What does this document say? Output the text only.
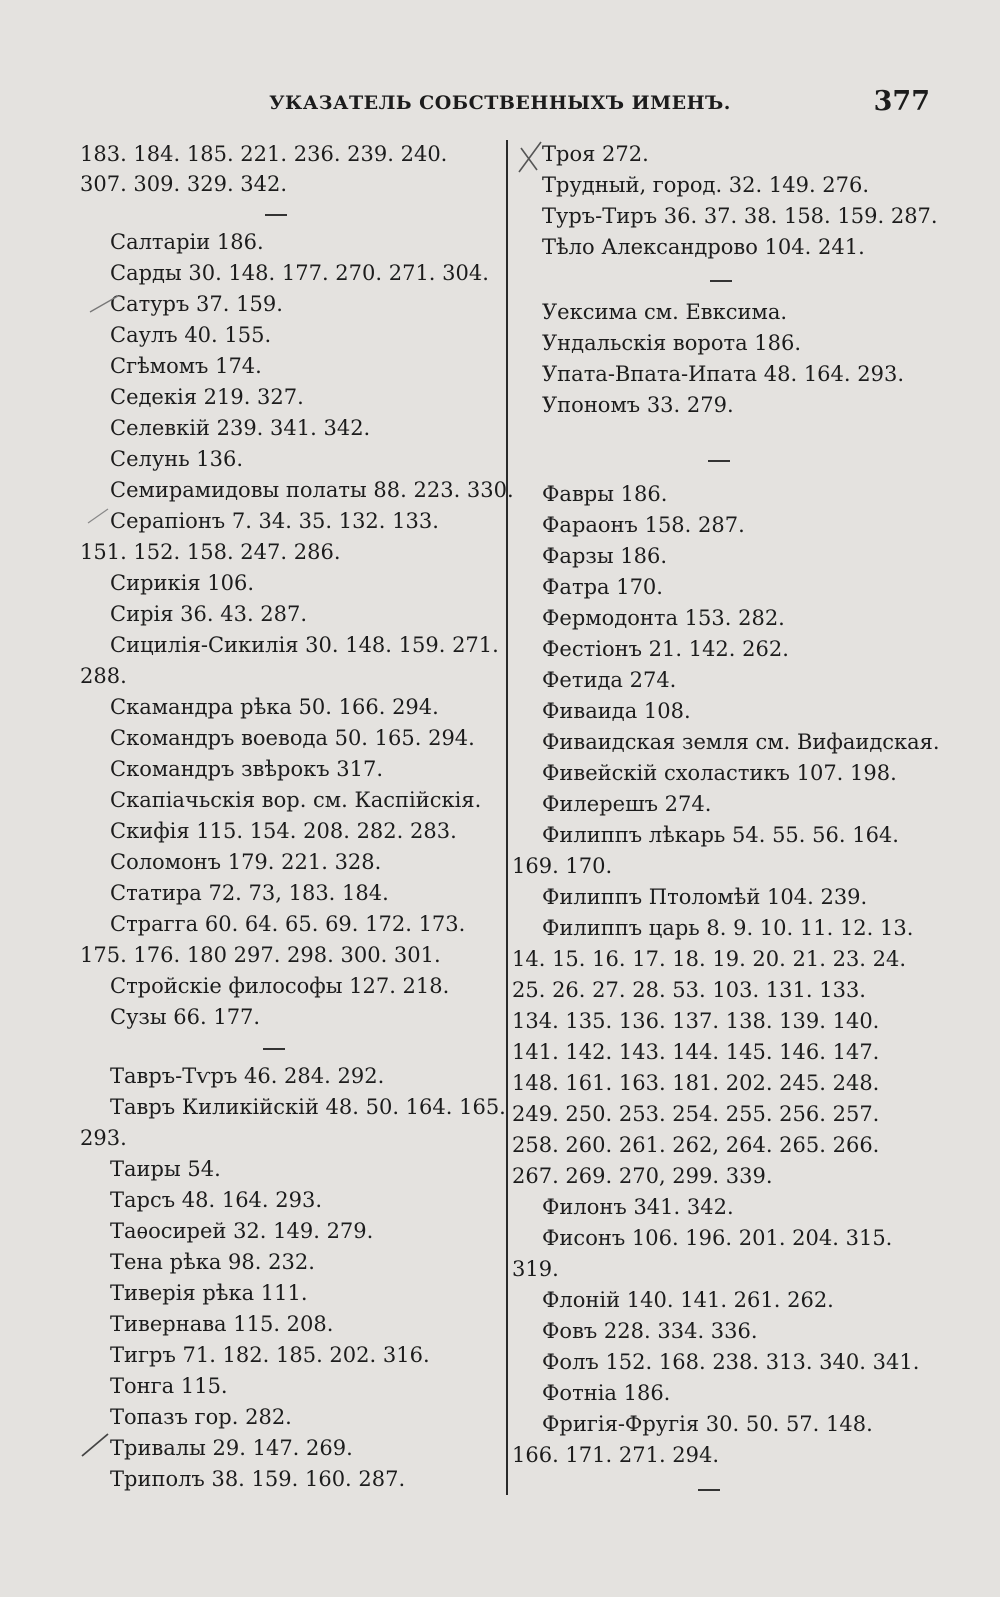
УКАЗАТЕЛЬ СОБСТВЕННЫХЪ ИМЕНЪ.	377
183. 184. 185. 221. 236. 239. 240.
307. 309. 329. 342.
Салтаріи 186.
Сарды 30. 148. 177. 270. 271. 304.
Сатуръ 37. 159.
Саулъ 40. 155.
Сгѣмомъ 174.
Седекія 219. 327.
Селевкій 239. 341. 342.
Селунь 136.
Семирамидовы полаты 88. 223. 330.
Серапіонъ 7. 34. 35. 132. 133.
151. 152. 158. 247. 286.
Сирикія 106.
Сирія 36. 43. 287.
Сицилія-Сикилія 30. 148. 159. 271.
288.
Скамандра рѣка 50. 166. 294.
Скомандръ воевода 50. 165. 294.
Скомандръ звѣрокъ 317.
Скапіачьскія вор. см. Каспійскія.
Скифія 115. 154. 208. 282. 283.
Соломонъ 179. 221. 328.
Статира 72. 73, 183. 184.
Страгга 60. 64. 65. 69. 172. 173.
175. 176. 180 297. 298. 300. 301.
Стройскіе философы 127. 218.
Сузы 66. 177.
Тавръ-Тѵръ 46. 284. 292.
Тавръ Киликійскій 48. 50. 164. 165.
293.
Таиры 54.
Тарсъ 48. 164. 293.
Таѳосирей 32. 149. 279.
Тена рѣка 98. 232.
Тиверія рѣка 111.
Тивернава 115. 208.
Тигръ 71. 182. 185. 202. 316.
Тонга 115.
Топазъ гор. 282.
Тривалы 29. 147. 269.
Триполъ 38. 159. 160. 287.
Троя 272.
Трудный, город. 32. 149. 276.
Туръ-Тиръ 36. 37. 38. 158. 159. 287.
Тѣло Александрово 104. 241.
Уексима см. Евксима.
Ундальскія ворота 186.
Упата-Впата-Ипата 48. 164. 293.
Упономъ 33. 279.
Фавры 186.
Фараонъ 158. 287.
Фарзы 186.
Фатра 170.
Фермодонта 153. 282.
Фестіонъ 21. 142. 262.
Фетида 274.
Фиваида 108.
Фиваидская земля см. Вифаидская.
Фивейскій схоластикъ 107. 198.
Филерешъ 274.
Филиппъ лѣкарь 54. 55. 56. 164.
169. 170.
Филиппъ Птоломѣй 104. 239.
Филиппъ царь 8. 9. 10. 11. 12. 13.
14. 15. 16. 17. 18. 19. 20. 21. 23. 24.
25. 26. 27. 28. 53. 103. 131. 133.
134. 135. 136. 137. 138. 139. 140.
141. 142. 143. 144. 145. 146. 147.
148. 161. 163. 181. 202. 245. 248.
249. 250. 253. 254. 255. 256. 257.
258. 260. 261. 262, 264. 265. 266.
267. 269. 270, 299. 339.
Филонъ 341. 342.
Фисонъ 106. 196. 201. 204. 315.
319.
Флоній 140. 141. 261. 262.
Фовъ 228. 334. 336.
Фолъ 152. 168. 238. 313. 340. 341.
Фотніа 186.
Фригія-Фругія 30. 50. 57. 148.
166. 171. 271. 294.
